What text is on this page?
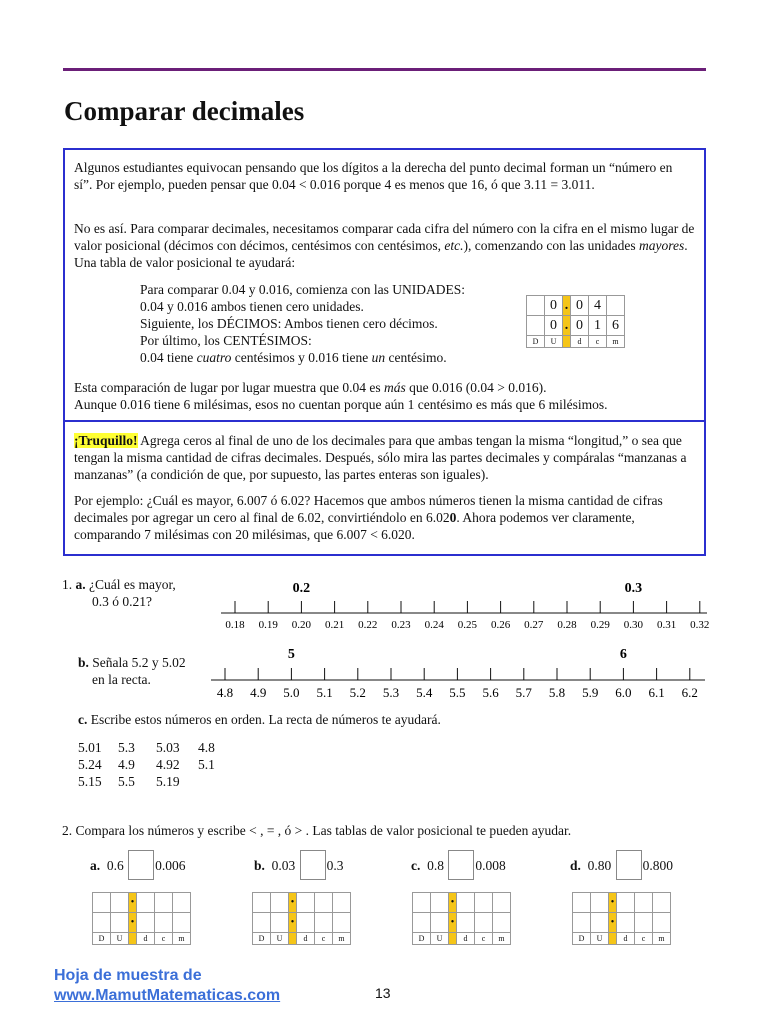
Comparar decimales

Algunos estudiantes equivocan pensando que los dígitos a la derecha del punto decimal forman un “número en sí”. Por ejemplo, pueden pensar que 0.04 < 0.016 porque 4 es menos que 16, ó que 3.11 = 3.011.

No es así. Para comparar decimales, necesitamos comparar cada cifra del número con la cifra en el mismo lugar de valor posicional (décimos con décimos, centésimos con centésimos, etc.), comenzando con las unidades mayores. Una tabla de valor posicional te ayudará:

Para comparar 0.04 y 0.016, comienza con las UNIDADES:
0.04 y 0.016 ambos tienen cero unidades.
Siguiente, los DÉCIMOS: Ambos tienen cero décimos.
Por último, los CENTÉSIMOS:
0.04 tiene cuatro centésimos y 0.016 tiene un centésimo.
	0	.	0	4	
	0	.	0	1	6
D	U		d	c	m
Esta comparación de lugar por lugar muestra que 0.04 es más que 0.016 (0.04 > 0.016).
Aunque 0.016 tiene 6 milésimas, esos no cuentan porque aún 1 centésimo es más que 6 milésimos.

¡Truquillo! Agrega ceros al final de uno de los decimales para que ambas tengan la misma “longitud,” o sea que tengan la misma cantidad de cifras decimales. Después, sólo mira las partes decimales y compáralas “manzanas a manzanas” (a condición de que, por supuesto, las partes enteras son iguales).

Por ejemplo: ¿Cuál es mayor, 6.007 ó 6.02? Hacemos que ambos números tienen la misma cantidad de cifras decimales por agregar un cero al final de 6.02, convirtiéndolo en 6.020. Ahora podemos ver claramente, comparando 7 milésimas con 20 milésimas, que 6.007 < 6.020.

1. a. ¿Cuál es mayor,
0.3 ó 0.21?
0.18 0.19 0.20 0.21 0.22 0.23 0.24 0.25 0.26 0.27 0.28 0.29 0.30 0.31 0.32
0.2	0.3
b. Señala 5.2 y 5.02
en la recta.
4.8 4.9 5.0 5.1 5.2 5.3 5.4 5.5 5.6 5.7 5.8 5.9 6.0 6.1 6.2
5	6
c. Escribe estos números en orden. La recta de números te ayudará.
5.01	5.3	5.03	4.8
5.24	4.9	4.92	5.1
5.15	5.5	5.19
2. Compara los números y escribe < , = , ó > . Las tablas de valor posicional te pueden ayudar.
a.
0.6
0.006	b.
0.03
0.3	c.
0.8
0.008	d.
0.80
0.800
		•			
		•			
D	U		d	c	m
		•			
		•			
D	U		d	c	m
		•			
		•			
D	U		d	c	m
		•			
		•			
D	U		d	c	m
Hoja de muestra de
www.MamutMatematicas.com	13
